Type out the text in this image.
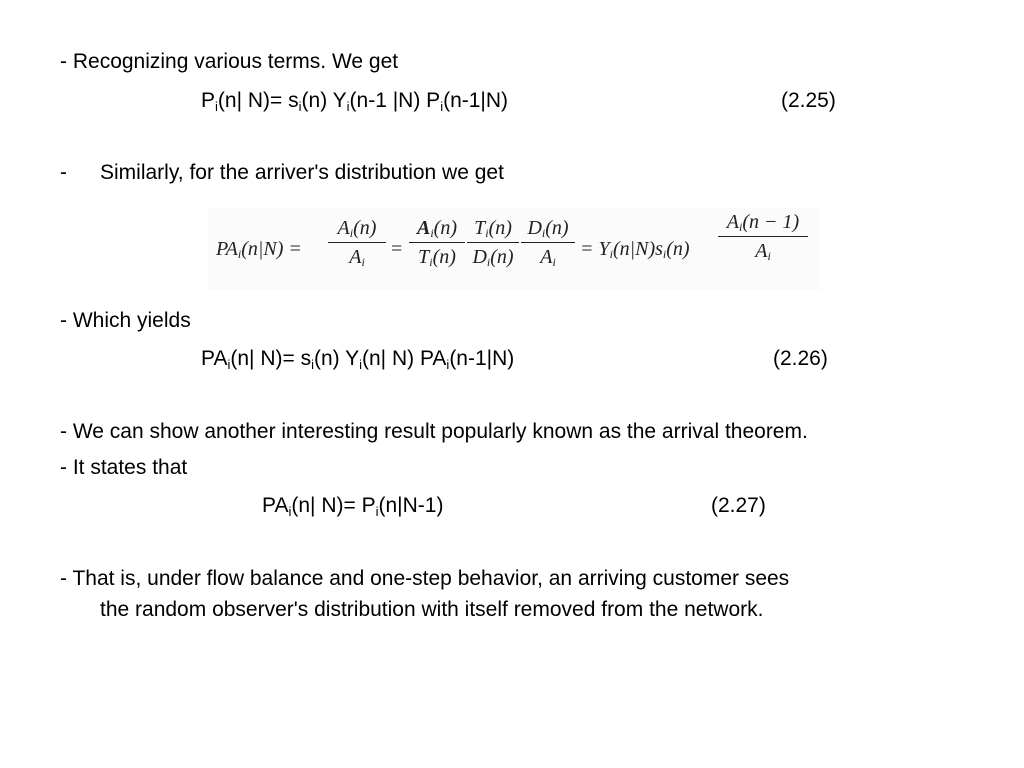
- Recognizing various terms. We get
$P_i(n|$ $N)= s_i(n)$ $Y_i(n-1$ |N) $P_i(n-1|N)$	(2.25)
- Similarly, for the arriver's distribution we get
$PA_i(n|N)$ =
$A_i(n)$
$A_i$
=
$A_i(n)$
$T_i(n)$
$T_i(n)$
$D_i(n)$
$D_i(n)$
$A_i$
= $Y_i(n|N)s_i(n)$
$A_i(n - 1)$
$A_i$
- Which yields
$PA_i(n|$ $N)= s_i(n)$ $Y_i(n|$ N) $PA_i(n-1|N)$	(2.26)
- We can show another interesting result popularly known as the arrival theorem.
- It states that
$PA_i(n|$ $N)= P_i(n|N-1)$	(2.27)
- That is, under flow balance and one-step behavior, an arriving customer sees
the random observer's distribution with itself removed from the network.
